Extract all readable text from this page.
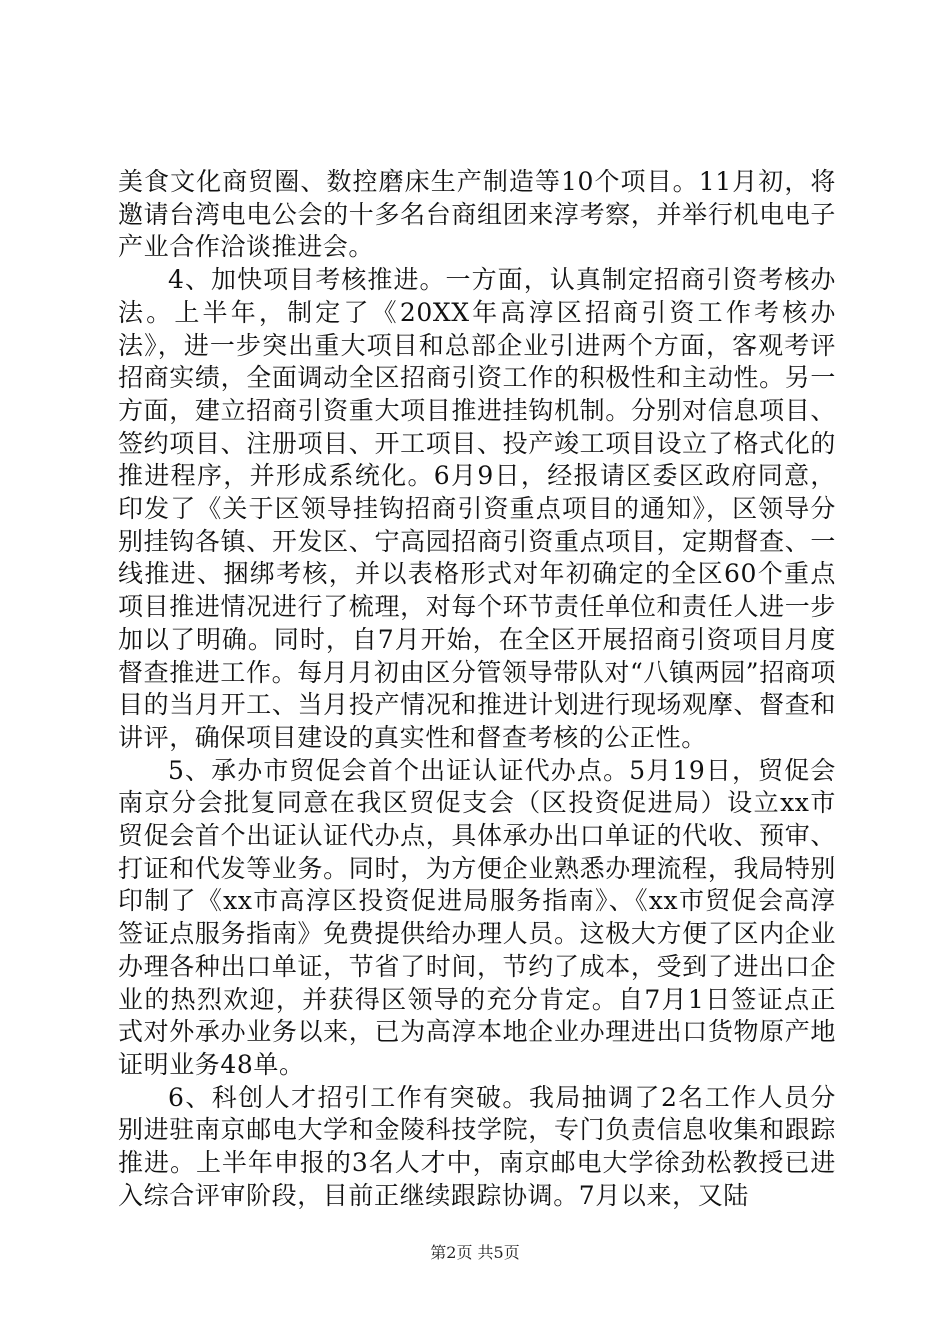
美食文化商贸圈、数控磨床生产制造等10个项目。11月初，将邀请台湾电电公会的十多名台商组团来淳考察，并举行机电电子产业合作洽谈推进会。

4、加快项目考核推进。一方面，认真制定招商引资考核办法。上半年，制定了《20XX年高淳区招商引资工作考核办法》，进一步突出重大项目和总部企业引进两个方面，客观考评招商实绩，全面调动全区招商引资工作的积极性和主动性。另一方面，建立招商引资重大项目推进挂钩机制。分别对信息项目、签约项目、注册项目、开工项目、投产竣工项目设立了格式化的推进程序，并形成系统化。6月9日，经报请区委区政府同意，印发了《关于区领导挂钩招商引资重点项目的通知》，区领导分别挂钩各镇、开发区、宁高园招商引资重点项目，定期督查、一线推进、捆绑考核，并以表格形式对年初确定的全区60个重点项目推进情况进行了梳理，对每个环节责任单位和责任人进一步加以了明确。同时，自7月开始，在全区开展招商引资项目月度督查推进工作。每月月初由区分管领导带队对“八镇两园”招商项目的当月开工、当月投产情况和推进计划进行现场观摩、督查和讲评，确保项目建设的真实性和督查考核的公正性。

5、承办市贸促会首个出证认证代办点。5月19日，贸促会南京分会批复同意在我区贸促支会（区投资促进局）设立xx市贸促会首个出证认证代办点，具体承办出口单证的代收、预审、打证和代发等业务。同时，为方便企业熟悉办理流程，我局特别印制了《xx市高淳区投资促进局服务指南》、《xx市贸促会高淳签证点服务指南》免费提供给办理人员。这极大方便了区内企业办理各种出口单证，节省了时间，节约了成本，受到了进出口企业的热烈欢迎，并获得区领导的充分肯定。自7月1日签证点正式对外承办业务以来，已为高淳本地企业办理进出口货物原产地证明业务48单。

6、科创人才招引工作有突破。我局抽调了2名工作人员分别进驻南京邮电大学和金陵科技学院，专门负责信息收集和跟踪推进。上半年申报的3名人才中，南京邮电大学徐劲松教授已进入综合评审阶段，目前正继续跟踪协调。7月以来，又陆

第2页 共5页
